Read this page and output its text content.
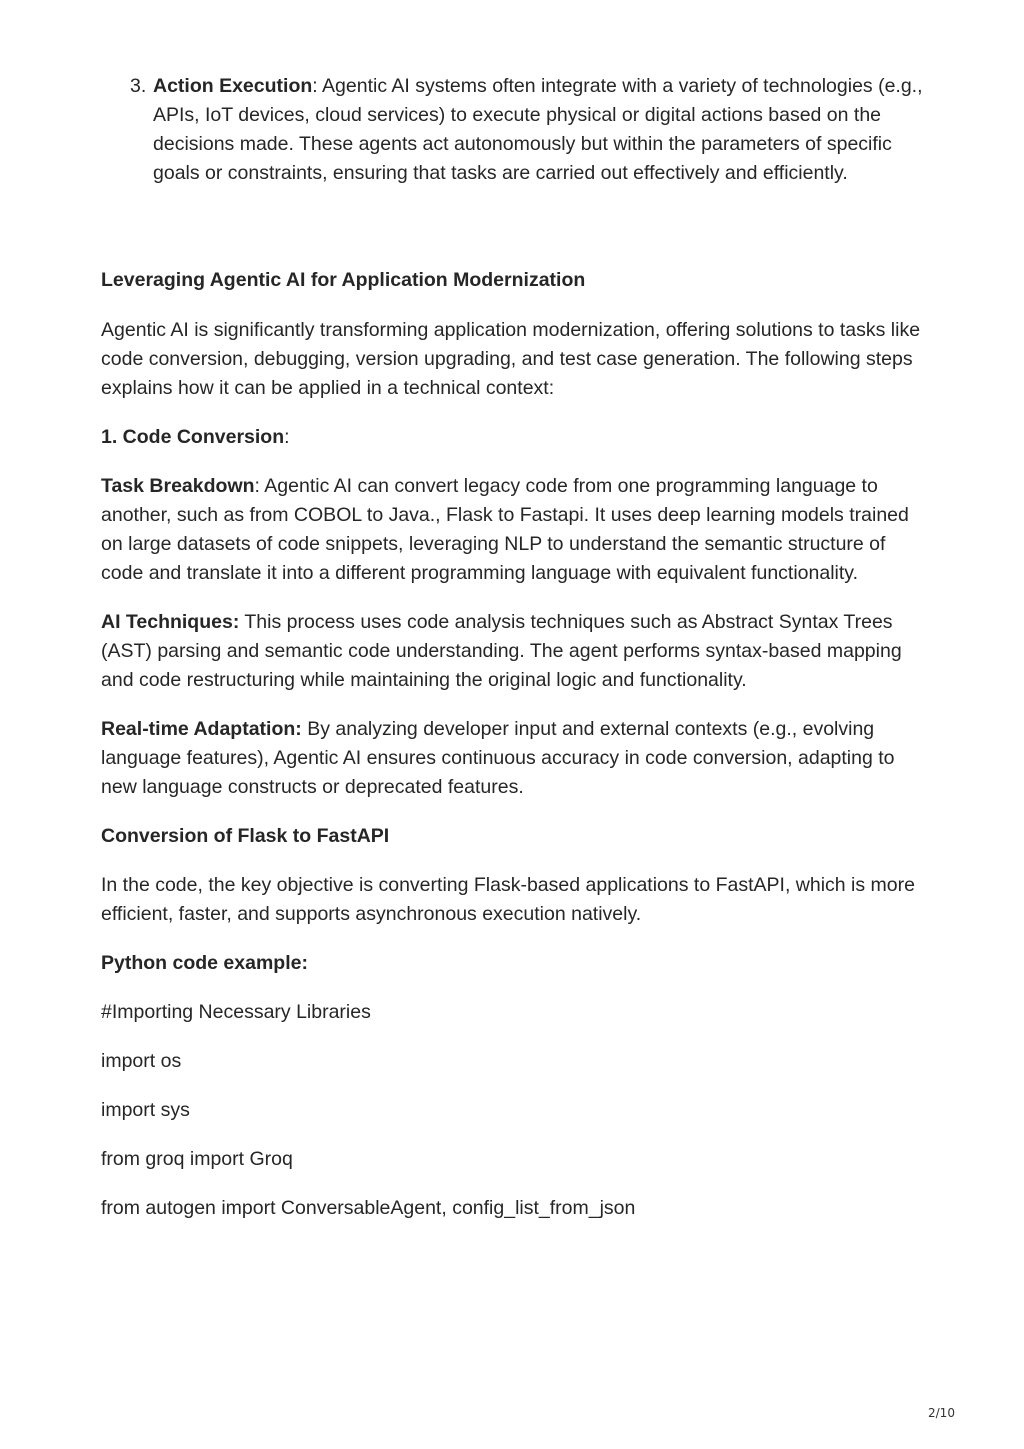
3. Action Execution: Agentic AI systems often integrate with a variety of technologies (e.g., APIs, IoT devices, cloud services) to execute physical or digital actions based on the decisions made. These agents act autonomously but within the parameters of specific goals or constraints, ensuring that tasks are carried out effectively and efficiently.

Leveraging Agentic AI for Application Modernization

Agentic AI is significantly transforming application modernization, offering solutions to tasks like code conversion, debugging, version upgrading, and test case generation. The following steps explains how it can be applied in a technical context:

1. Code Conversion:

Task Breakdown: Agentic AI can convert legacy code from one programming language to another, such as from COBOL to Java., Flask to Fastapi. It uses deep learning models trained on large datasets of code snippets, leveraging NLP to understand the semantic structure of code and translate it into a different programming language with equivalent functionality.

AI Techniques: This process uses code analysis techniques such as Abstract Syntax Trees (AST) parsing and semantic code understanding. The agent performs syntax-based mapping and code restructuring while maintaining the original logic and functionality.

Real-time Adaptation: By analyzing developer input and external contexts (e.g., evolving language features), Agentic AI ensures continuous accuracy in code conversion, adapting to new language constructs or deprecated features.

Conversion of Flask to FastAPI

In the code, the key objective is converting Flask-based applications to FastAPI, which is more efficient, faster, and supports asynchronous execution natively.

Python code example:

#Importing Necessary Libraries

import os

import sys

from groq import Groq

from autogen import ConversableAgent, config_list_from_json

2/10
